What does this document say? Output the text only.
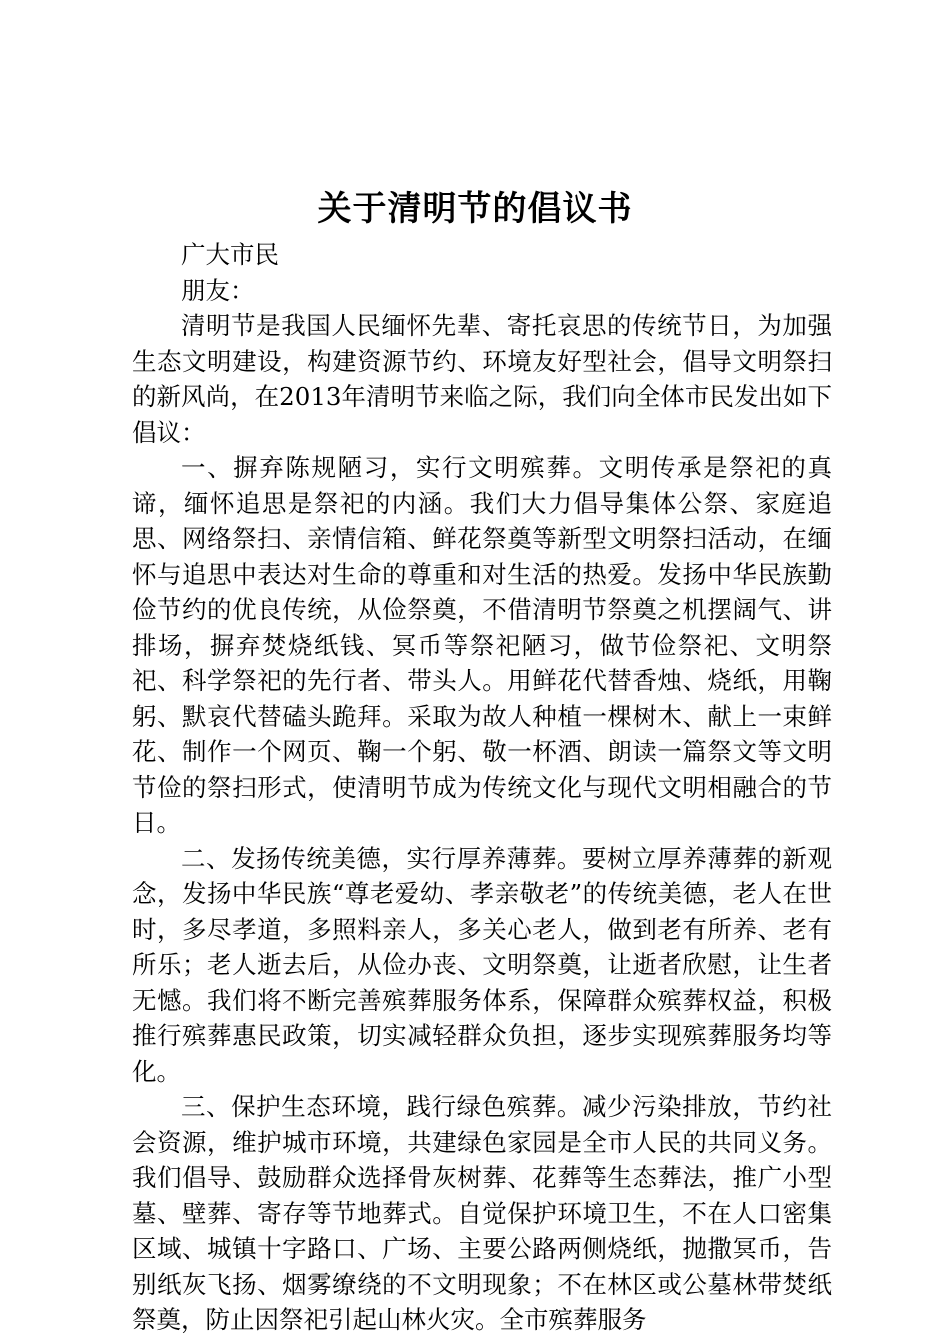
关于清明节的倡议书

广大市民

朋友：

清明节是我国人民缅怀先辈、寄托哀思的传统节日，为加强生态文明建设，构建资源节约、环境友好型社会，倡导文明祭扫的新风尚，在2013年清明节来临之际，我们向全体市民发出如下倡议：

一、摒弃陈规陋习，实行文明殡葬。文明传承是祭祀的真谛，缅怀追思是祭祀的内涵。我们大力倡导集体公祭、家庭追思、网络祭扫、亲情信箱、鲜花祭奠等新型文明祭扫活动，在缅怀与追思中表达对生命的尊重和对生活的热爱。发扬中华民族勤俭节约的优良传统，从俭祭奠，不借清明节祭奠之机摆阔气、讲排场，摒弃焚烧纸钱、冥币等祭祀陋习，做节俭祭祀、文明祭祀、科学祭祀的先行者、带头人。用鲜花代替香烛、烧纸，用鞠躬、默哀代替磕头跪拜。采取为故人种植一棵树木、献上一束鲜花、制作一个网页、鞠一个躬、敬一杯酒、朗读一篇祭文等文明节俭的祭扫形式，使清明节成为传统文化与现代文明相融合的节日。

二、发扬传统美德，实行厚养薄葬。要树立厚养薄葬的新观念，发扬中华民族“尊老爱幼、孝亲敬老”的传统美德，老人在世时，多尽孝道，多照料亲人，多关心老人，做到老有所养、老有所乐；老人逝去后，从俭办丧、文明祭奠，让逝者欣慰，让生者无憾。我们将不断完善殡葬服务体系，保障群众殡葬权益，积极推行殡葬惠民政策，切实减轻群众负担，逐步实现殡葬服务均等化。

三、保护生态环境，践行绿色殡葬。减少污染排放，节约社会资源，维护城市环境，共建绿色家园是全市人民的共同义务。我们倡导、鼓励群众选择骨灰树葬、花葬等生态葬法，推广小型墓、壁葬、寄存等节地葬式。自觉保护环境卫生，不在人口密集区域、城镇十字路口、广场、主要公路两侧烧纸，抛撒冥币，告别纸灰飞扬、烟雾缭绕的不文明现象；不在林区或公墓林带焚纸祭奠，防止因祭祀引起山林火灾。全市殡葬服务
